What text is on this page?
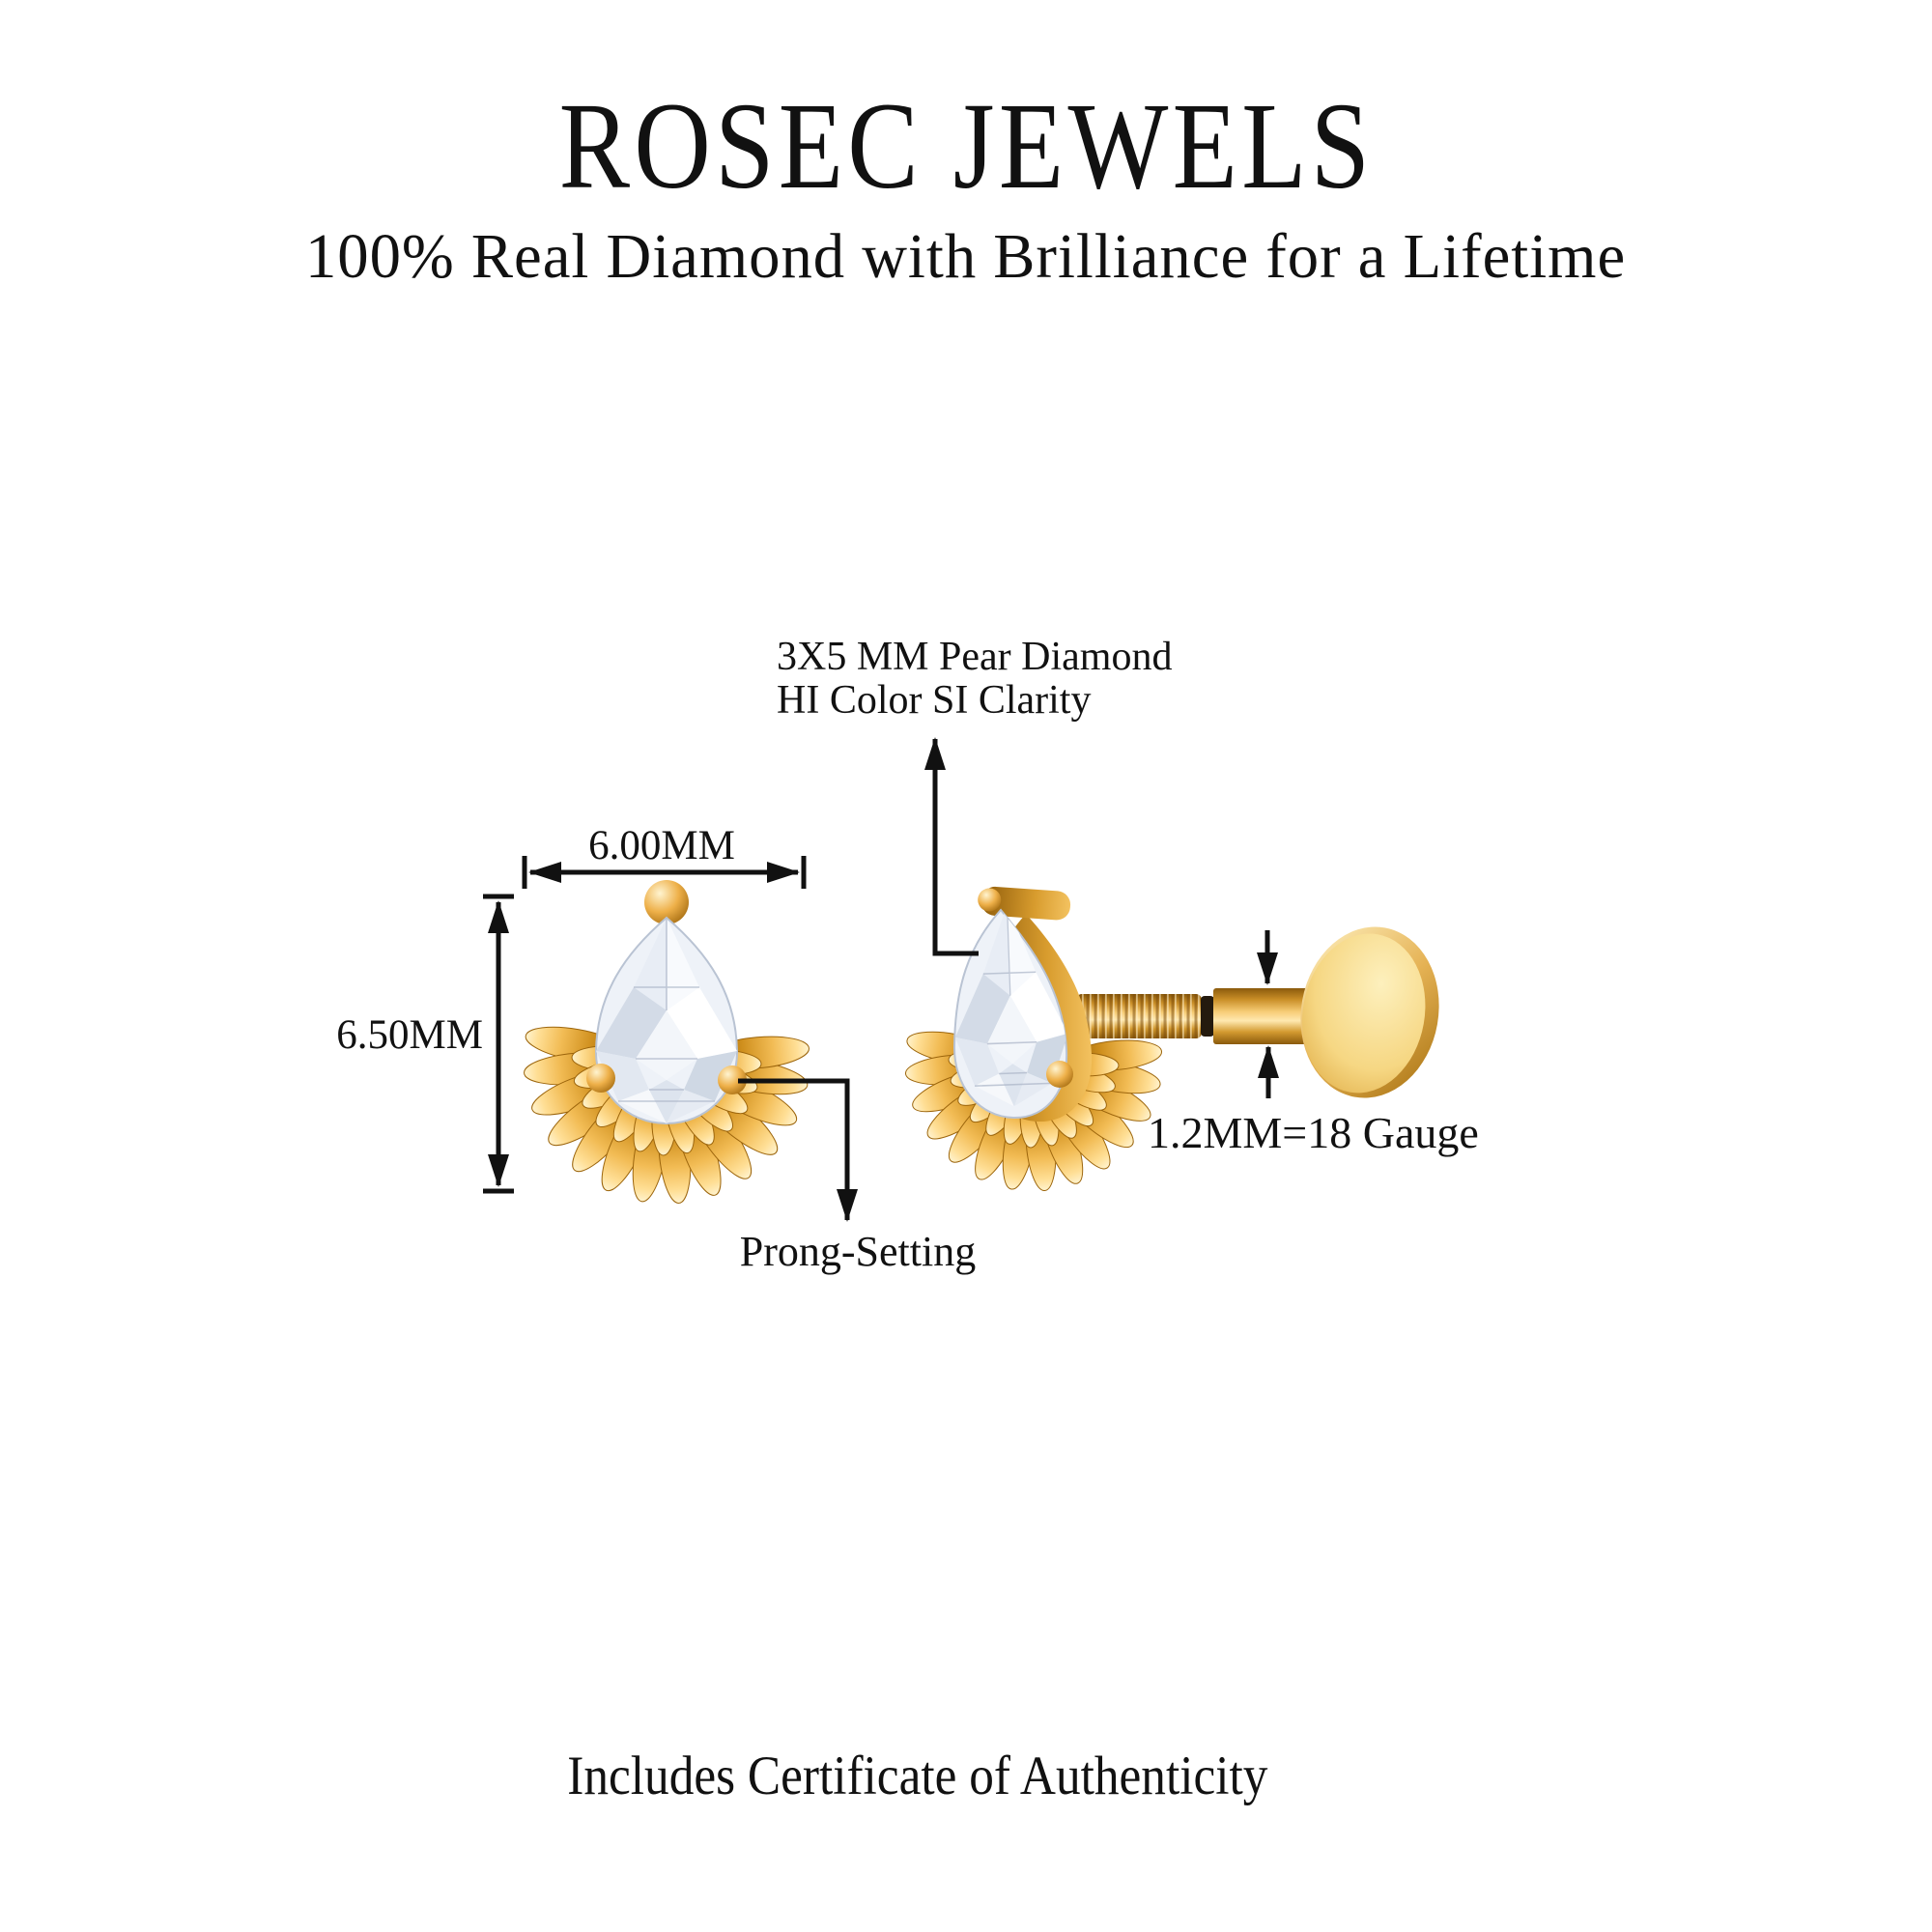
ROSEC JEWELS
100% Real Diamond with Brilliance for a Lifetime
3X5 MM Pear Diamond
HI Color SI Clarity
6.00MM
6.50MM
Prong-Setting
1.2MM=18 Gauge
Includes Certificate of Authenticity
